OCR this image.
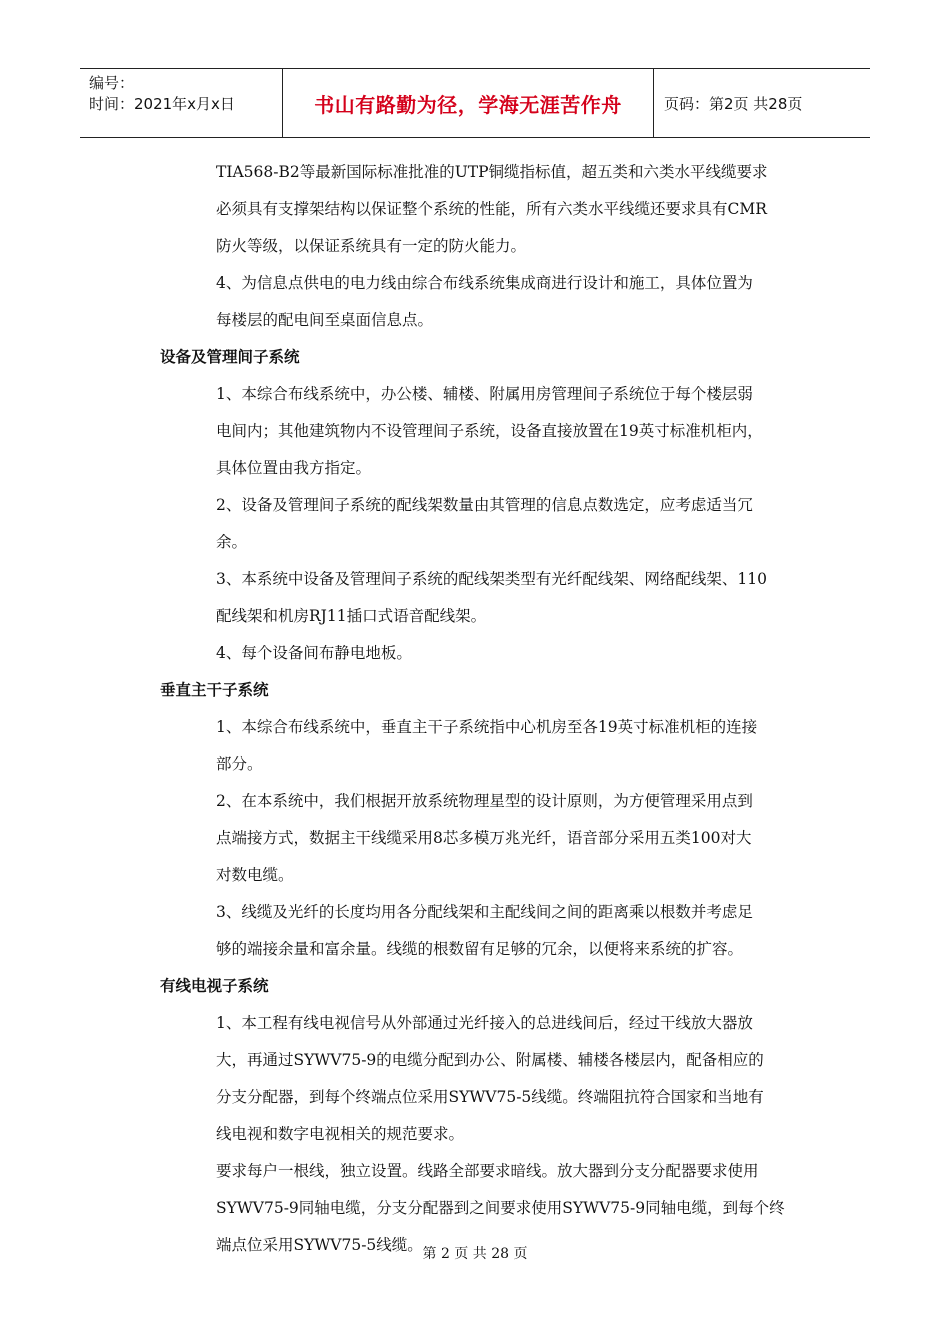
编号：
时间：2021年x月x日	书山有路勤为径，学海无涯苦作舟	页码：第2页 共28页
TIA568-B2等最新国际标准批准的UTP铜缆指标值，超五类和六类水平线缆要求
必须具有支撑架结构以保证整个系统的性能，所有六类水平线缆还要求具有CMR
防火等级，以保证系统具有一定的防火能力。
4、为信息点供电的电力线由综合布线系统集成商进行设计和施工，具体位置为
每楼层的配电间至桌面信息点。
设备及管理间子系统
1、本综合布线系统中，办公楼、辅楼、附属用房管理间子系统位于每个楼层弱
电间内；其他建筑物内不设管理间子系统，设备直接放置在19英寸标准机柜内，
具体位置由我方指定。
2、设备及管理间子系统的配线架数量由其管理的信息点数选定，应考虑适当冗
余。
3、本系统中设备及管理间子系统的配线架类型有光纤配线架、网络配线架、110
配线架和机房RJ11插口式语音配线架。
4、每个设备间布静电地板。
垂直主干子系统
1、本综合布线系统中，垂直主干子系统指中心机房至各19英寸标准机柜的连接
部分。
2、在本系统中，我们根据开放系统物理星型的设计原则，为方便管理采用点到
点端接方式，数据主干线缆采用8芯多模万兆光纤，语音部分采用五类100对大
对数电缆。
3、线缆及光纤的长度均用各分配线架和主配线间之间的距离乘以根数并考虑足
够的端接余量和富余量。线缆的根数留有足够的冗余，以便将来系统的扩容。
有线电视子系统
1、本工程有线电视信号从外部通过光纤接入的总进线间后，经过干线放大器放
大，再通过SYWV75-9的电缆分配到办公、附属楼、辅楼各楼层内，配备相应的
分支分配器，到每个终端点位采用SYWV75-5线缆。终端阻抗符合国家和当地有
线电视和数字电视相关的规范要求。
要求每户一根线，独立设置。线路全部要求暗线。放大器到分支分配器要求使用
SYWV75-9同轴电缆，分支分配器到之间要求使用SYWV75-9同轴电缆，到每个终
端点位采用SYWV75-5线缆。 第 2 页 共 28 页
